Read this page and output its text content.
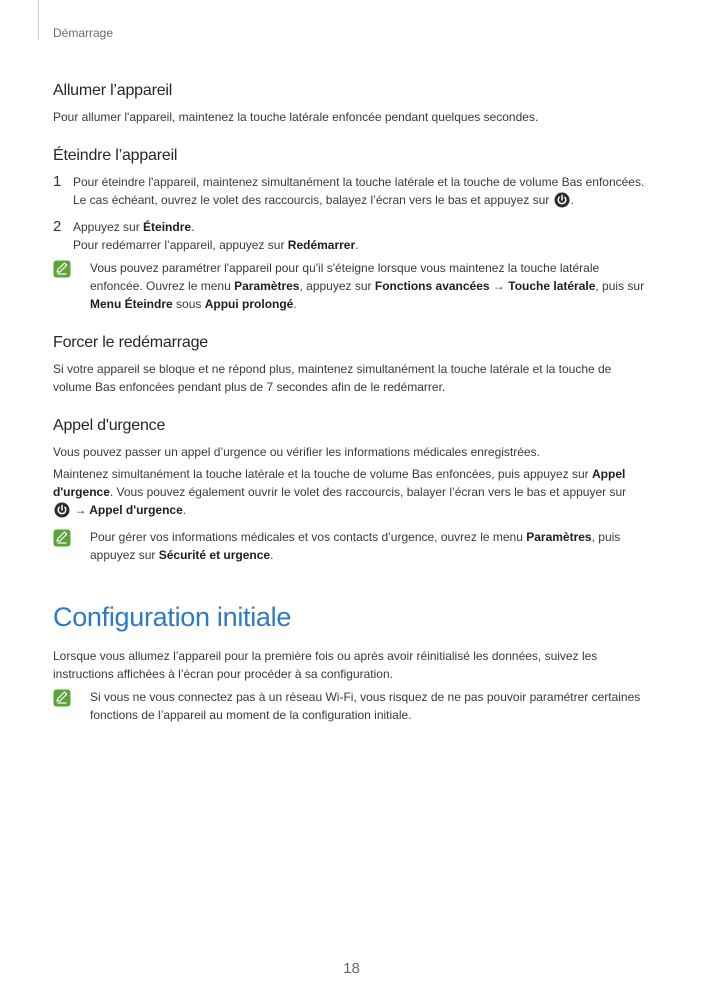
Démarrage
Allumer l’appareil

Pour allumer l'appareil, maintenez la touche latérale enfoncée pendant quelques secondes.

Éteindre l’appareil
1 Pour éteindre l'appareil, maintenez simultanément la touche latérale et la touche de volume Bas enfoncées. Le cas échéant, ouvrez le volet des raccourcis, balayez l’écran vers le bas et appuyez sur .
2 Appuyez sur Éteindre.
Pour redémarrer l’appareil, appuyez sur Redémarrer.
Vous pouvez paramétrer l'appareil pour qu'il s'éteigne lorsque vous maintenez la touche latérale enfoncée. Ouvrez le menu Paramètres, appuyez sur Fonctions avancées → Touche latérale, puis sur Menu Éteindre sous Appui prolongé.
Forcer le redémarrage

Si votre appareil se bloque et ne répond plus, maintenez simultanément la touche latérale et la touche de volume Bas enfoncées pendant plus de 7 secondes afin de le redémarrer.

Appel d'urgence

Vous pouvez passer un appel d’urgence ou vérifier les informations médicales enregistrées.

Maintenez simultanément la touche latérale et la touche de volume Bas enfoncées, puis appuyez sur Appel d'urgence. Vous pouvez également ouvrir le volet des raccourcis, balayer l’écran vers le bas et appuyer sur
→ Appel d'urgence.

Pour gérer vos informations médicales et vos contacts d’urgence, ouvrez le menu Paramètres, puis appuyez sur Sécurité et urgence.
Configuration initiale

Lorsque vous allumez l’appareil pour la première fois ou après avoir réinitialisé les données, suivez les instructions affichées à l’écran pour procéder à sa configuration.

Si vous ne vous connectez pas à un réseau Wi-Fi, vous risquez de ne pas pouvoir paramétrer certaines fonctions de l’appareil au moment de la configuration initiale.
18
